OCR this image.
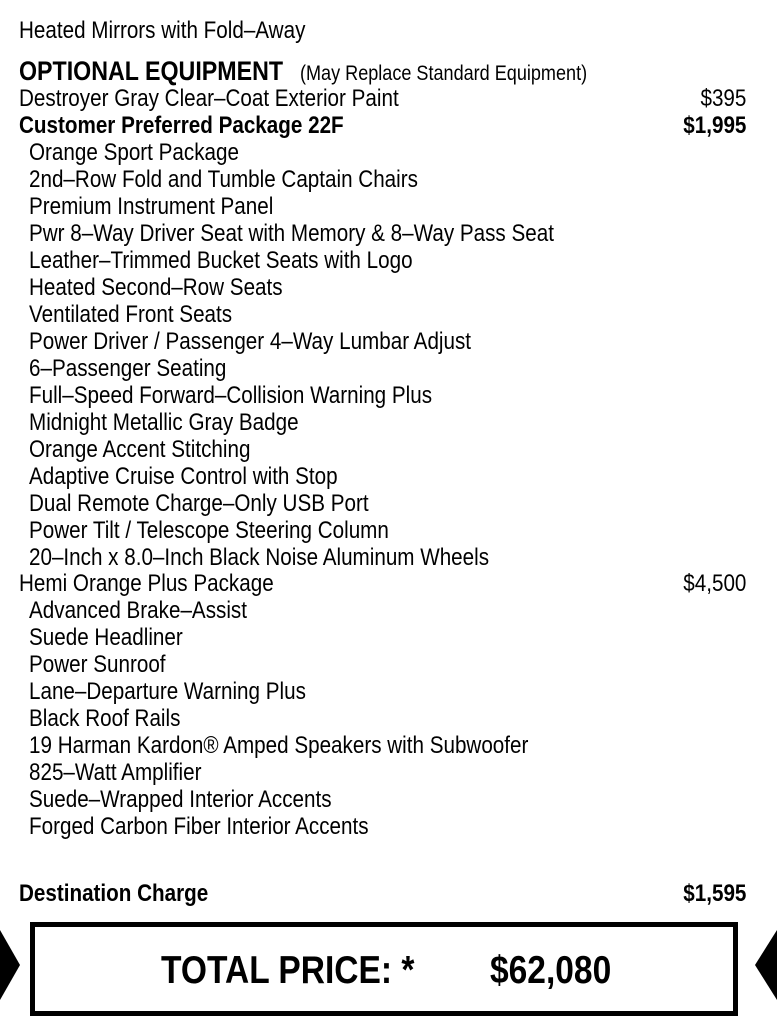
Heated Mirrors with Fold–Away
OPTIONAL EQUIPMENT (May Replace Standard Equipment)
Destroyer Gray Clear–Coat Exterior Paint	$395
Customer Preferred Package 22F	$1,995
Orange Sport Package
2nd–Row Fold and Tumble Captain Chairs
Premium Instrument Panel
Pwr 8–Way Driver Seat with Memory & 8–Way Pass Seat
Leather–Trimmed Bucket Seats with Logo
Heated Second–Row Seats
Ventilated Front Seats
Power Driver / Passenger 4–Way Lumbar Adjust
6–Passenger Seating
Full–Speed Forward–Collision Warning Plus
Midnight Metallic Gray Badge
Orange Accent Stitching
Adaptive Cruise Control with Stop
Dual Remote Charge–Only USB Port
Power Tilt / Telescope Steering Column
20–Inch x 8.0–Inch Black Noise Aluminum Wheels
Hemi Orange Plus Package	$4,500
Advanced Brake–Assist
Suede Headliner
Power Sunroof
Lane–Departure Warning Plus
Black Roof Rails
19 Harman Kardon® Amped Speakers with Subwoofer
825–Watt Amplifier
Suede–Wrapped Interior Accents
Forged Carbon Fiber Interior Accents
Destination Charge	$1,595
TOTAL PRICE: * $62,080
